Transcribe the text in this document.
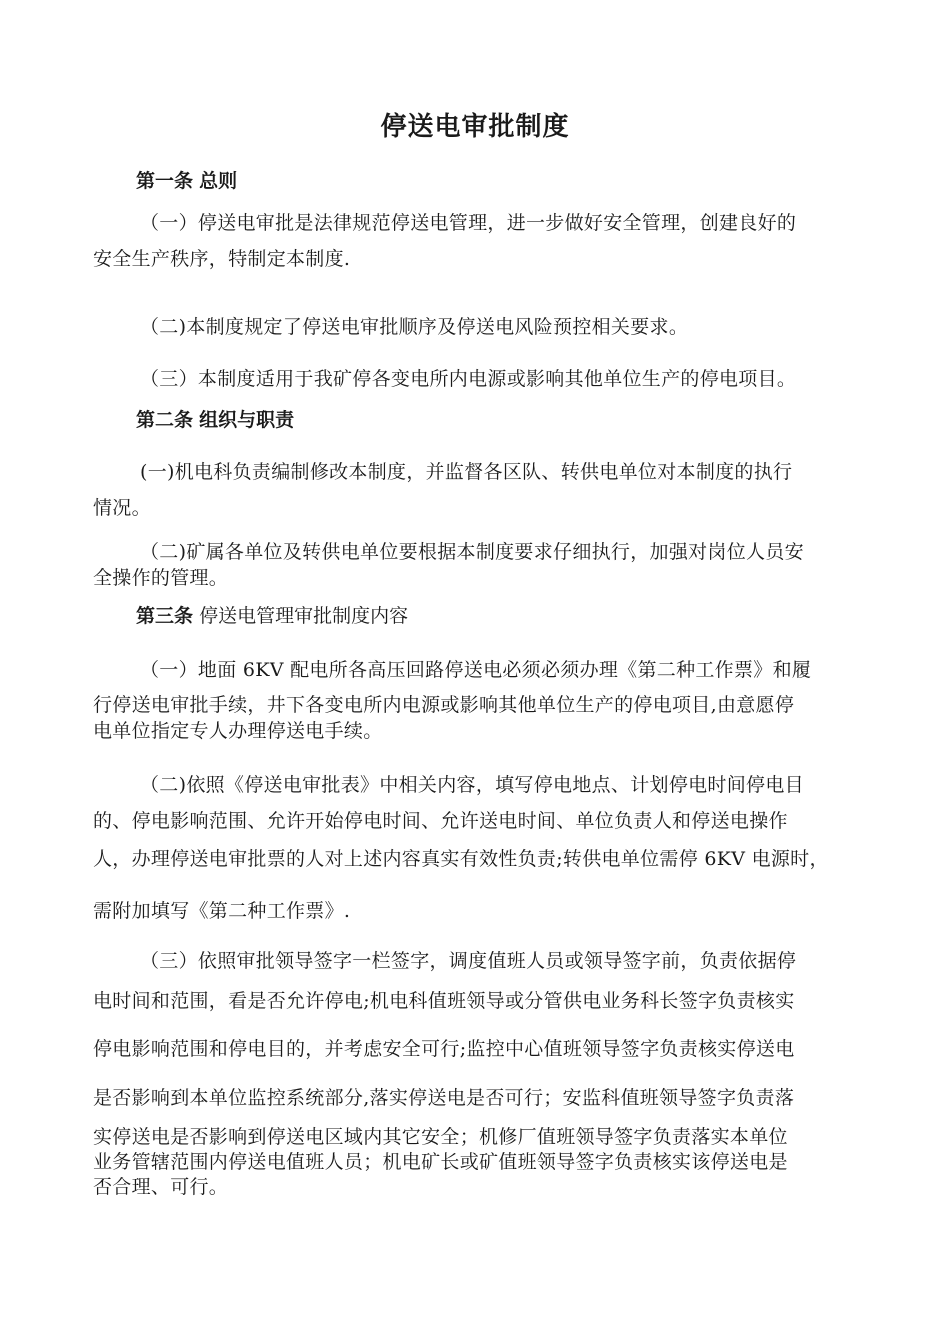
停送电审批制度
第一条 总则

（一）停送电审批是法律规范停送电管理，进一步做好安全管理，创建良好的

安全生产秩序，特制定本制度.

（二)本制度规定了停送电审批顺序及停送电风险预控相关要求。

（三）本制度适用于我矿停各变电所内电源或影响其他单位生产的停电项目。

第二条 组织与职责

(一)机电科负责编制修改本制度，并监督各区队、转供电单位对本制度的执行

情况。

（二)矿属各单位及转供电单位要根据本制度要求仔细执行，加强对岗位人员安

全操作的管理。

第三条 停送电管理审批制度内容

（一）地面 6KV 配电所各高压回路停送电必须必须办理《第二种工作票》和履

行停送电审批手续，井下各变电所内电源或影响其他单位生产的停电项目,由意愿停

电单位指定专人办理停送电手续。

（二)依照《停送电审批表》中相关内容，填写停电地点、计划停电时间停电目

的、停电影响范围、允许开始停电时间、允许送电时间、单位负责人和停送电操作

人，办理停送电审批票的人对上述内容真实有效性负责;转供电单位需停 6KV 电源时，

需附加填写《第二种工作票》.

（三）依照审批领导签字一栏签字，调度值班人员或领导签字前，负责依据停

电时间和范围，看是否允许停电;机电科值班领导或分管供电业务科长签字负责核实

停电影响范围和停电目的，并考虑安全可行;监控中心值班领导签字负责核实停送电

是否影响到本单位监控系统部分,落实停送电是否可行；安监科值班领导签字负责落

实停送电是否影响到停送电区域内其它安全；机修厂值班领导签字负责落实本单位

业务管辖范围内停送电值班人员；机电矿长或矿值班领导签字负责核实该停送电是

否合理、可行。
